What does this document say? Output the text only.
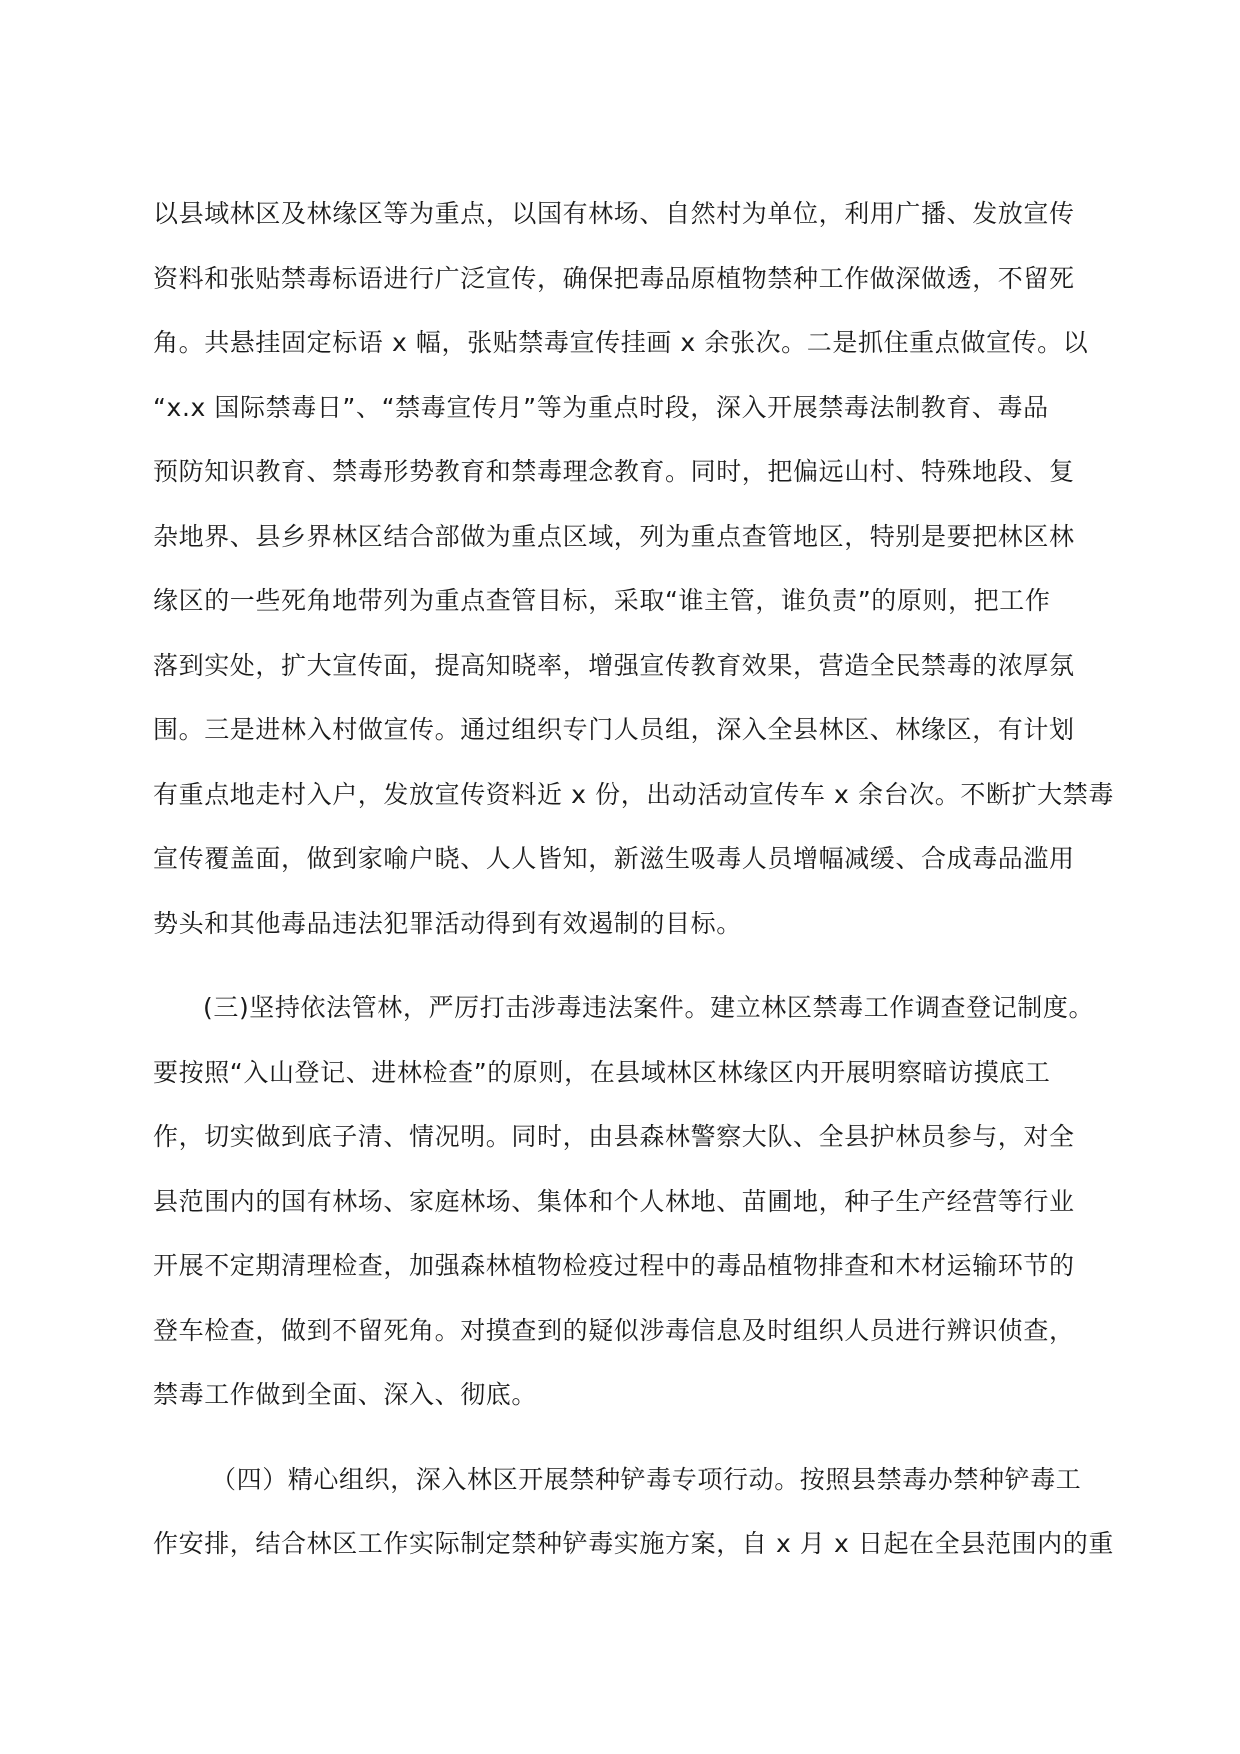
以县域林区及林缘区等为重点，以国有林场、自然村为单位，利用广播、发放宣传
资料和张贴禁毒标语进行广泛宣传，确保把毒品原植物禁种工作做深做透，不留死
角。共悬挂固定标语 x 幅，张贴禁毒宣传挂画 x 余张次。二是抓住重点做宣传。以
“x.x 国际禁毒日”、“禁毒宣传月”等为重点时段，深入开展禁毒法制教育、毒品
预防知识教育、禁毒形势教育和禁毒理念教育。同时，把偏远山村、特殊地段、复
杂地界、县乡界林区结合部做为重点区域，列为重点查管地区，特别是要把林区林
缘区的一些死角地带列为重点查管目标，采取“谁主管，谁负责”的原则，把工作
落到实处，扩大宣传面，提高知晓率，增强宣传教育效果，营造全民禁毒的浓厚氛
围。三是进林入村做宣传。通过组织专门人员组，深入全县林区、林缘区，有计划
有重点地走村入户，发放宣传资料近 x 份，出动活动宣传车 x 余台次。不断扩大禁毒
宣传覆盖面，做到家喻户晓、人人皆知，新滋生吸毒人员增幅减缓、合成毒品滥用
势头和其他毒品违法犯罪活动得到有效遏制的目标。
(三)坚持依法管林，严厉打击涉毒违法案件。建立林区禁毒工作调查登记制度。
要按照“入山登记、进林检查”的原则，在县域林区林缘区内开展明察暗访摸底工
作，切实做到底子清、情况明。同时，由县森林警察大队、全县护林员参与，对全
县范围内的国有林场、家庭林场、集体和个人林地、苗圃地，种子生产经营等行业
开展不定期清理检查，加强森林植物检疫过程中的毒品植物排查和木材运输环节的
登车检查，做到不留死角。对摸查到的疑似涉毒信息及时组织人员进行辨识侦查，
禁毒工作做到全面、深入、彻底。
（四）精心组织，深入林区开展禁种铲毒专项行动。按照县禁毒办禁种铲毒工
作安排，结合林区工作实际制定禁种铲毒实施方案，自 x 月 x 日起在全县范围内的重
